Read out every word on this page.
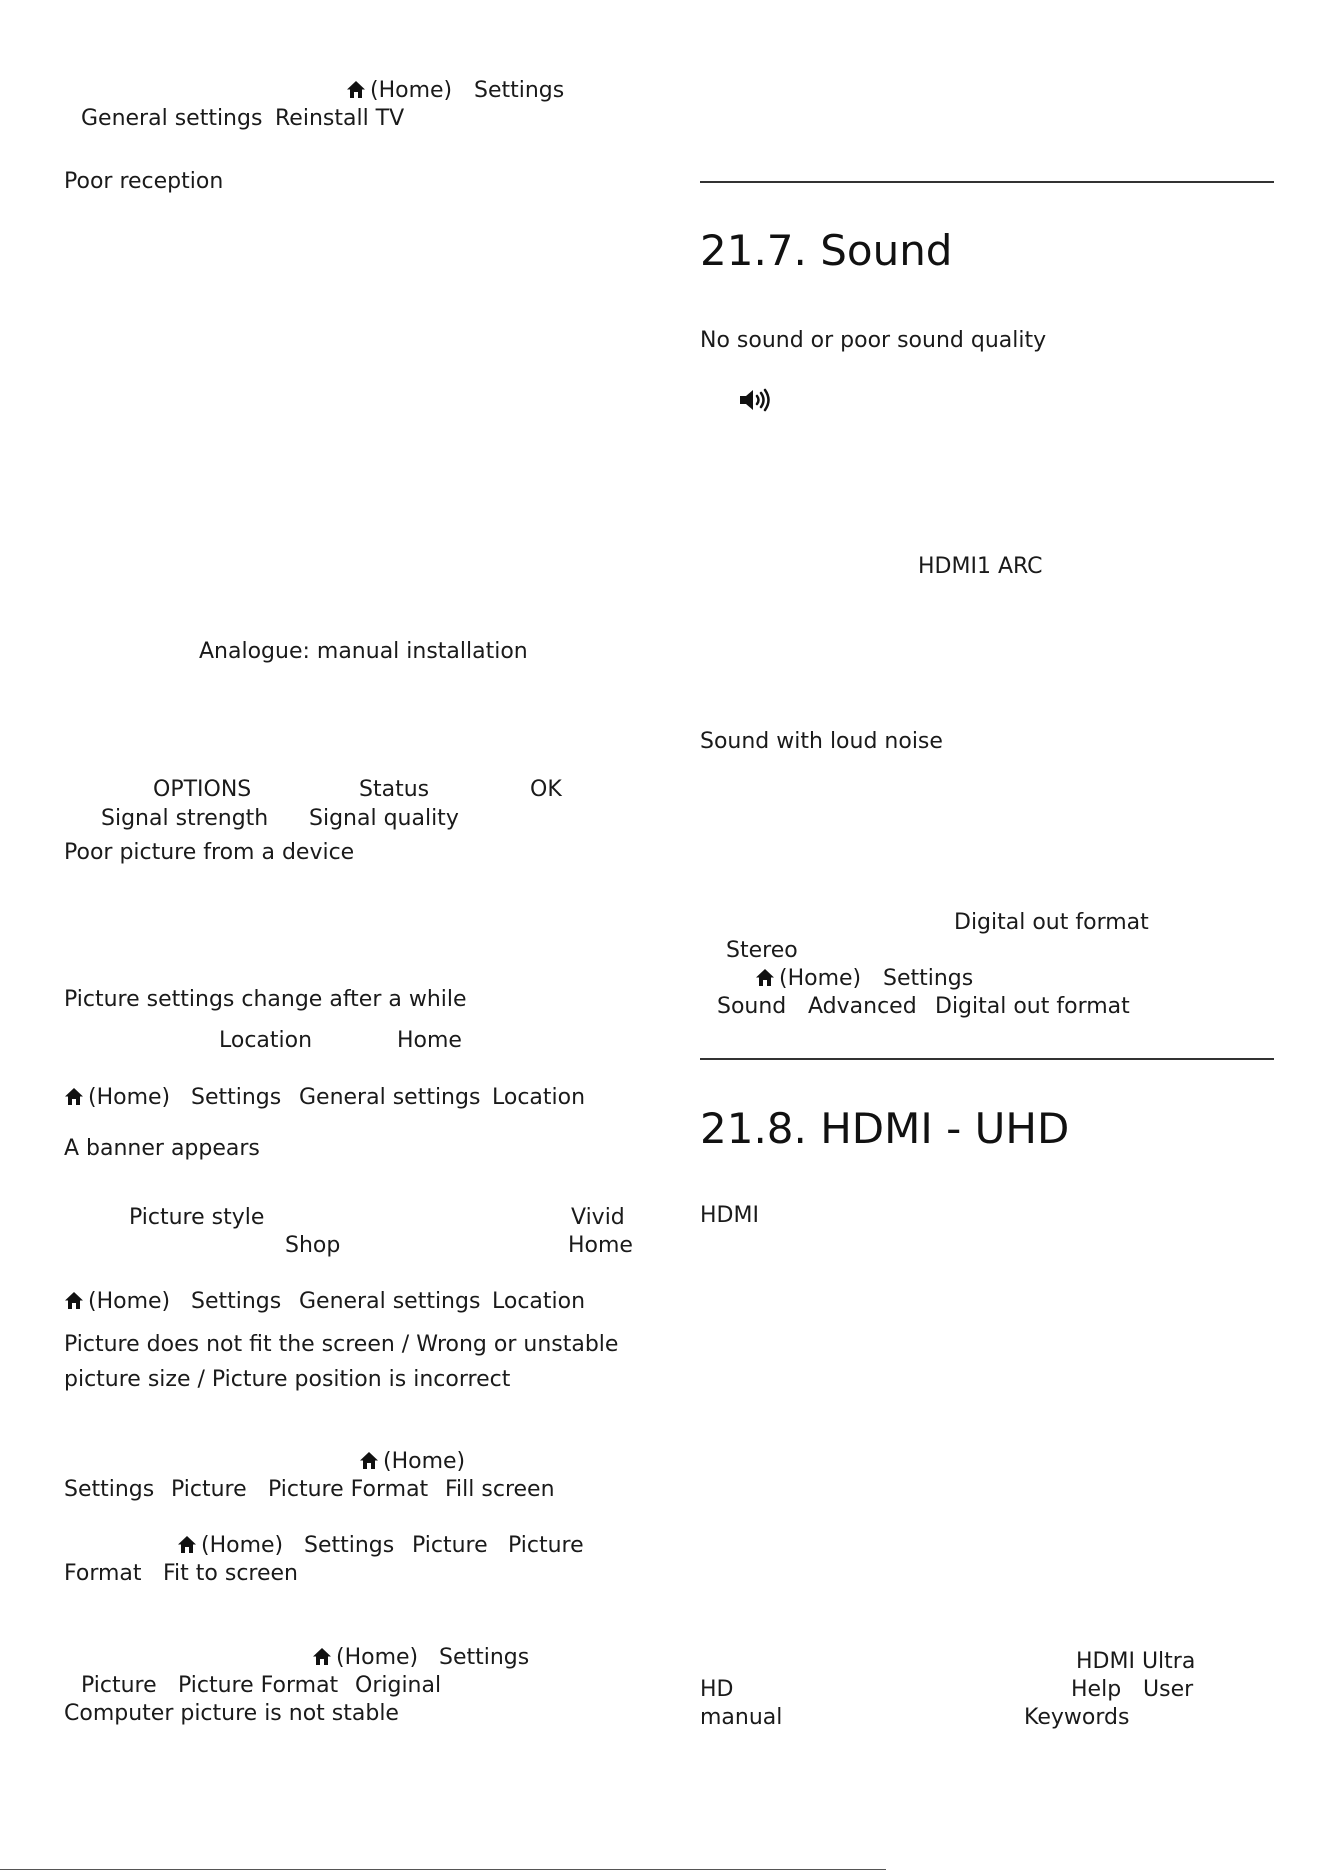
(Home) Settings
General settings Reinstall TV
Poor reception
Analogue: manual installation
OPTIONS	Status	OK
Signal strength Signal quality
Poor picture from a device
Picture settings change after a while
Location	Home
(Home) Settings General settings Location
A banner appears
Picture style	Vivid
Shop	Home
(Home) Settings General settings Location
Picture does not fit the screen / Wrong or unstable
picture size / Picture position is incorrect
(Home)
Settings Picture Picture Format Fill screen
(Home) Settings Picture Picture
Format Fit to screen
(Home) Settings
Picture Picture Format Original
Computer picture is not stable
21.7. Sound
No sound or poor sound quality
HDMI1 ARC
Sound with loud noise
Digital out format
Stereo
(Home) Settings
Sound Advanced Digital out format
21.8. HDMI - UHD
HDMI
HDMI Ultra
HD	Help User
manual	Keywords
